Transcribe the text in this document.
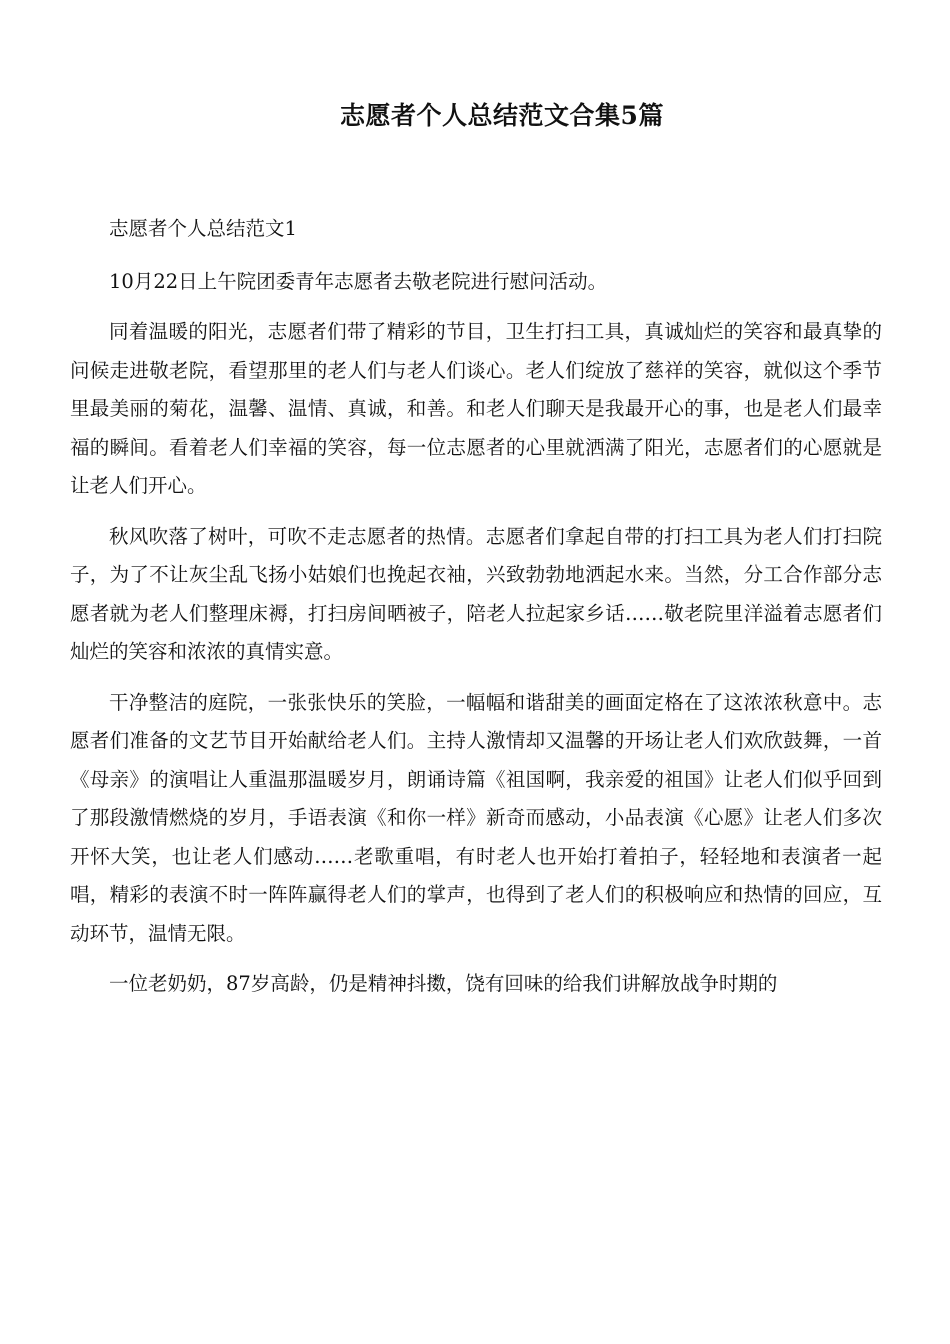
志愿者个人总结范文合集5篇

志愿者个人总结范文1

10月22日上午院团委青年志愿者去敬老院进行慰问活动。

同着温暖的阳光，志愿者们带了精彩的节目，卫生打扫工具，真诚灿烂的笑容和最真挚的问候走进敬老院，看望那里的老人们与老人们谈心。老人们绽放了慈祥的笑容，就似这个季节里最美丽的菊花，温馨、温情、真诚，和善。和老人们聊天是我最开心的事，也是老人们最幸福的瞬间。看着老人们幸福的笑容，每一位志愿者的心里就洒满了阳光，志愿者们的心愿就是让老人们开心。

秋风吹落了树叶，可吹不走志愿者的热情。志愿者们拿起自带的打扫工具为老人们打扫院子，为了不让灰尘乱飞扬小姑娘们也挽起衣袖，兴致勃勃地洒起水来。当然，分工合作部分志愿者就为老人们整理床褥，打扫房间晒被子，陪老人拉起家乡话……敬老院里洋溢着志愿者们灿烂的笑容和浓浓的真情实意。

干净整洁的庭院，一张张快乐的笑脸，一幅幅和谐甜美的画面定格在了这浓浓秋意中。志愿者们准备的文艺节目开始献给老人们。主持人激情却又温馨的开场让老人们欢欣鼓舞，一首《母亲》的演唱让人重温那温暖岁月，朗诵诗篇《祖国啊，我亲爱的祖国》让老人们似乎回到了那段激情燃烧的岁月，手语表演《和你一样》新奇而感动，小品表演《心愿》让老人们多次开怀大笑，也让老人们感动……老歌重唱，有时老人也开始打着拍子，轻轻地和表演者一起唱，精彩的表演不时一阵阵赢得老人们的掌声，也得到了老人们的积极响应和热情的回应，互动环节，温情无限。

一位老奶奶，87岁高龄，仍是精神抖擞，饶有回味的给我们讲解放战争时期的
